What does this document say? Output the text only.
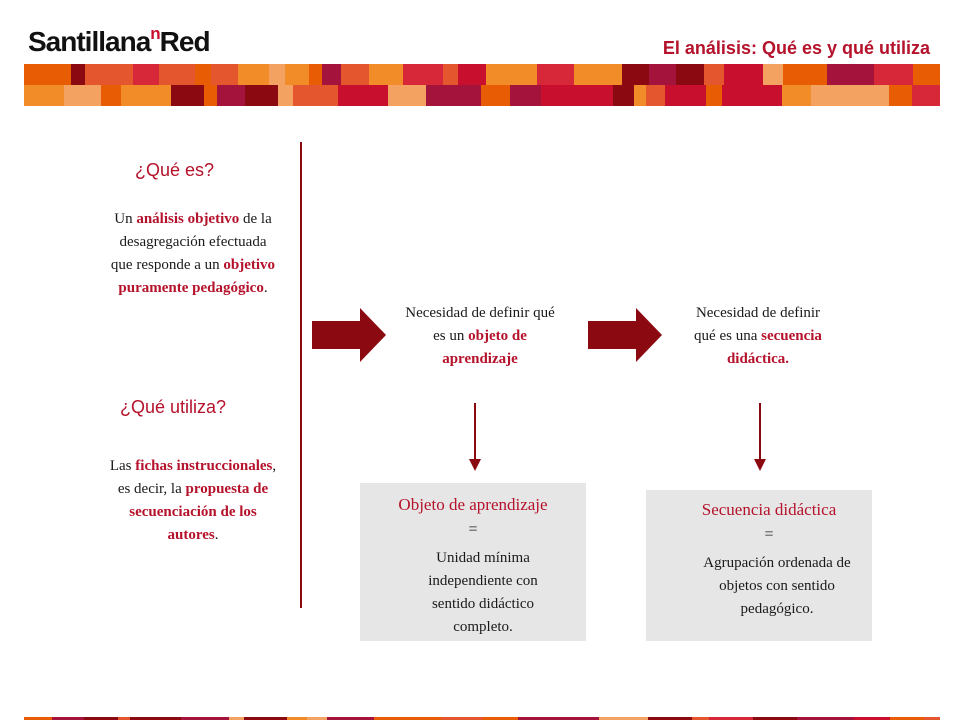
Santillana$^n$Red	El análisis: Qué es y qué utiliza
¿Qué es?
Un análisis objetivo de la desagregación efectuada que responde a un objetivo puramente pedagógico.
¿Qué utiliza?
Las fichas instruccionales, es decir, la propuesta de secuenciación de los autores.
Necesidad de definir qué es un objeto de aprendizaje
Objeto de aprendizaje
=
Unidad mínima independiente con sentido didáctico completo.
Necesidad de definir qué es una secuencia didáctica.
Secuencia didáctica
=
Agrupación ordenada de objetos con sentido pedagógico.
